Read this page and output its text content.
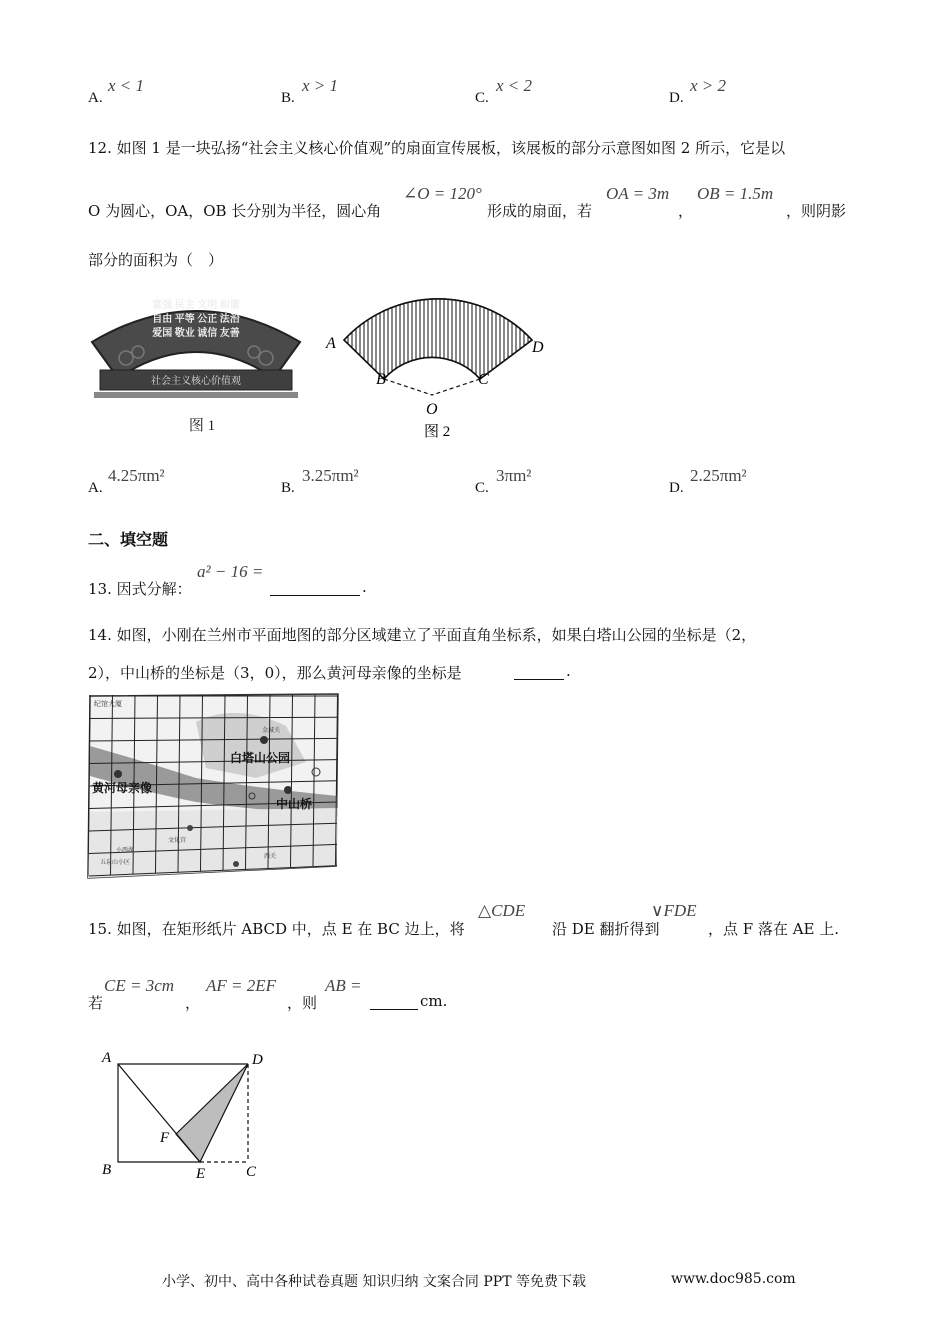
A.
x < 1
B.
x > 1
C.
x < 2
D.
x > 2
12. 如图 1 是一块弘扬“社会主义核心价值观”的扇面宣传展板，该展板的部分示意图如图 2 所示，它是以
O 为圆心，OA，OB 长分别为半径，圆心角
∠O = 120°
形成的扇面，若
OA = 3m
，
OB = 1.5m
，则阴影
部分的面积为（　）
富强 民主 文明 和谐
自由 平等 公正 法治
爱国 敬业 诚信 友善
社会主义核心价值观
图 1
A	D
B	C
O
图 2
A.
4.25πm²
B.
3.25πm²
C.
3πm²
D.
2.25πm²
二、填空题
13. 因式分解：
a² − 16 =
.
14. 如图，小刚在兰州市平面地图的部分区域建立了平面直角坐标系，如果白塔山公园的坐标是（2，
2），中山桥的坐标是（3，0），那么黄河母亲像的坐标是	.
纪馆大厦
白塔山公园
黄河母亲像
中山桥
文化宫
小西湖
西关
金城关
五泉山小区
15. 如图，在矩形纸片 ABCD 中，点 E 在 BC 边上，将
△CDE
沿 DE 翻折得到
∨FDE
，点 F 落在 AE 上.
若
CE = 3cm
，
AF = 2EF
，则
AB =
cm.
A	D
B	E	C
F
小学、初中、高中各种试卷真题 知识归纳 文案合同 PPT 等免费下载	www.doc985.com
